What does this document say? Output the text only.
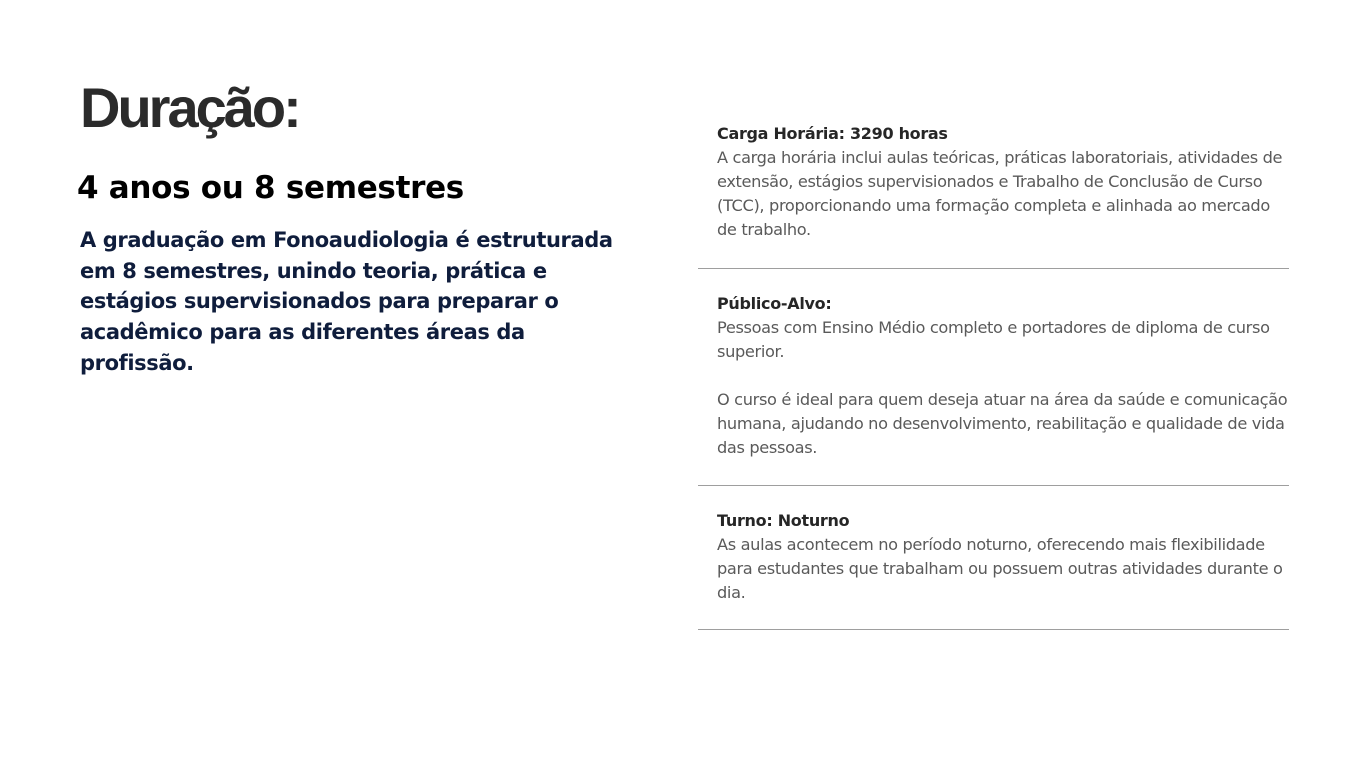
Duração:
4 anos ou 8 semestres

A graduação em Fonoaudiologia é estruturada em 8 semestres, unindo teoria, prática e estágios supervisionados para preparar o acadêmico para as diferentes áreas da profissão.

Carga Horária: 3290 horas

A carga horária inclui aulas teóricas, práticas laboratoriais, atividades de extensão, estágios supervisionados e Trabalho de Conclusão de Curso (TCC), proporcionando uma formação completa e alinhada ao mercado de trabalho.

Público-Alvo:

Pessoas com Ensino Médio completo e portadores de diploma de curso superior.

O curso é ideal para quem deseja atuar na área da saúde e comunicação humana, ajudando no desenvolvimento, reabilitação e qualidade de vida das pessoas.

Turno: Noturno

As aulas acontecem no período noturno, oferecendo mais flexibilidade para estudantes que trabalham ou possuem outras atividades durante o dia.
